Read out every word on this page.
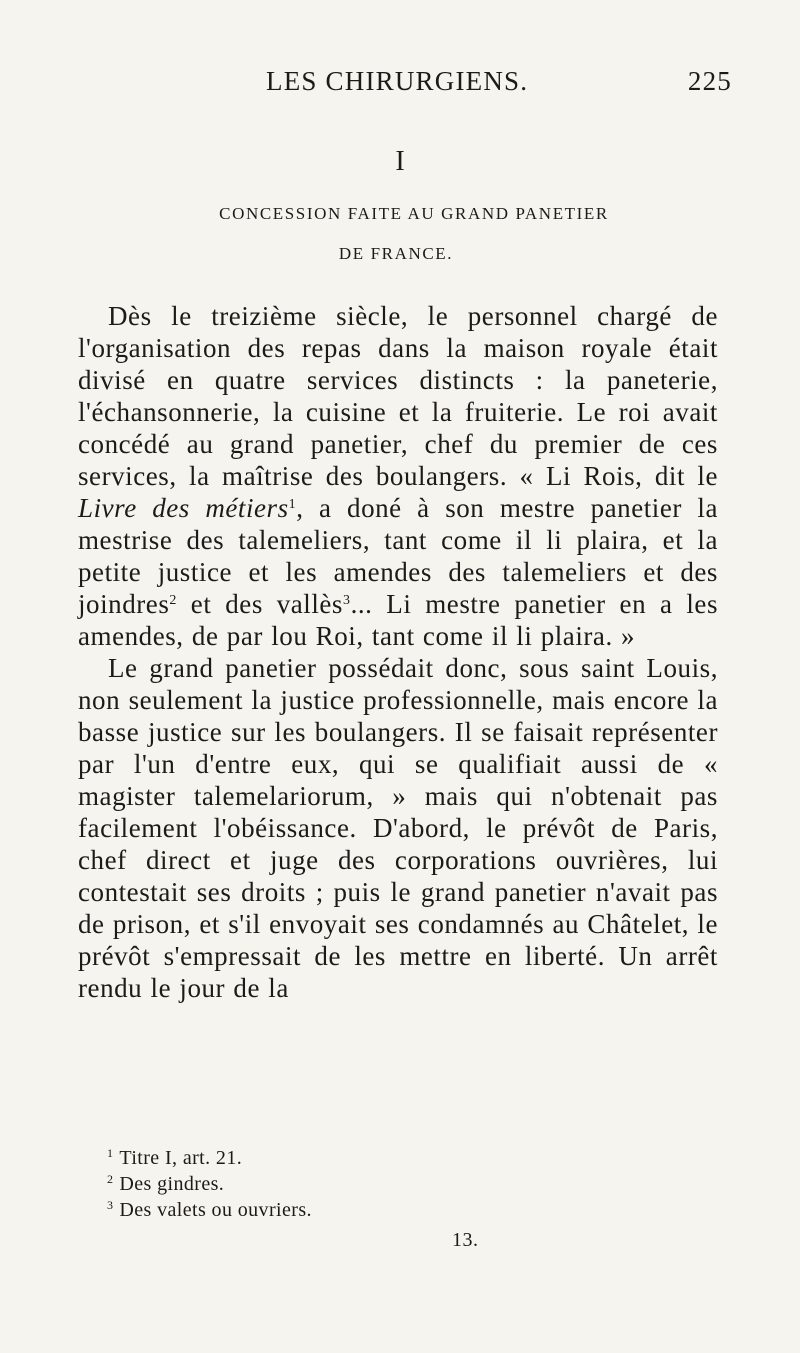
LES CHIRURGIENS.	225
I
CONCESSION FAITE AU GRAND PANETIER
DE FRANCE.

Dès le treizième siècle, le personnel chargé de l'organisation des repas dans la maison royale était divisé en quatre services distincts : la paneterie, l'échansonnerie, la cuisine et la fruiterie. Le roi avait concédé au grand panetier, chef du premier de ces services, la maîtrise des boulangers. « Li Rois, dit le Livre des métiers$^1$, a doné à son mestre panetier la mestrise des talemeliers, tant come il li plaira, et la petite justice et les amendes des talemeliers et des joindres$^2$ et des vallès$^3$... Li mestre panetier en a les amendes, de par lou Roi, tant come il li plaira. »

Le grand panetier possédait donc, sous saint Louis, non seulement la justice professionnelle, mais encore la basse justice sur les boulangers. Il se faisait représenter par l'un d'entre eux, qui se qualifiait aussi de « magister talemelariorum, » mais qui n'obtenait pas facilement l'obéissance. D'abord, le prévôt de Paris, chef direct et juge des corporations ouvrières, lui contestait ses droits ; puis le grand panetier n'avait pas de prison, et s'il envoyait ses condamnés au Châtelet, le prévôt s'empressait de les mettre en liberté. Un arrêt rendu le jour de la

$^1$ Titre I, art. 21.
$^2$ Des gindres.
$^3$ Des valets ou ouvriers.
13.
